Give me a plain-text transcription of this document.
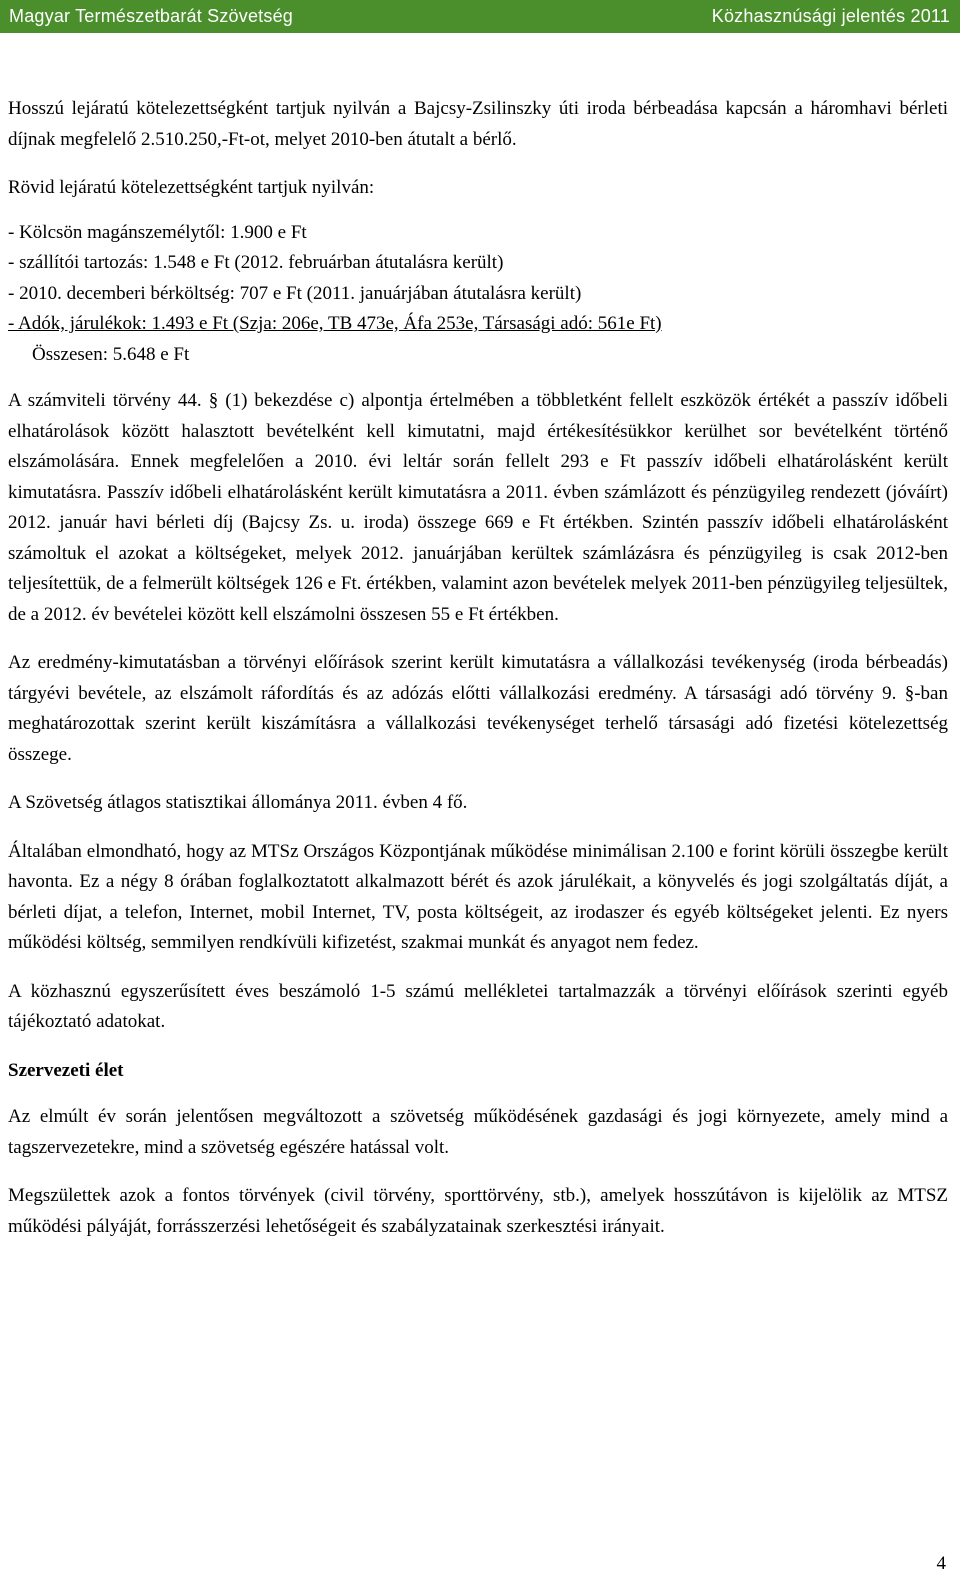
Magyar Természetbarát Szövetség	Közhasznúsági jelentés 2011

Hosszú lejáratú kötelezettségként tartjuk nyilván a Bajcsy-Zsilinszky úti iroda bérbeadása kapcsán a háromhavi bérleti díjnak megfelelő 2.510.250,-Ft-ot, melyet 2010-ben átutalt a bérlő.

Rövid lejáratú kötelezettségként tartjuk nyilván:

- Kölcsön magánszemélytől: 1.900 e Ft
- szállítói tartozás: 1.548 e Ft (2012. februárban átutalásra került)
- 2010. decemberi bérköltség: 707 e Ft (2011. januárjában átutalásra került)
- Adók, járulékok: 1.493 e Ft (Szja: 206e, TB 473e, Áfa 253e, Társasági adó: 561e Ft)
Összesen: 5.648 e Ft

A számviteli törvény 44. § (1) bekezdése c) alpontja értelmében a többletként fellelt eszközök értékét a passzív időbeli elhatárolások között halasztott bevételként kell kimutatni, majd értékesítésükkor kerülhet sor bevételként történő elszámolására. Ennek megfelelően a 2010. évi leltár során fellelt 293 e Ft passzív időbeli elhatárolásként került kimutatásra. Passzív időbeli elhatárolásként került kimutatásra a 2011. évben számlázott és pénzügyileg rendezett (jóváírt) 2012. január havi bérleti díj (Bajcsy Zs. u. iroda) összege 669 e Ft értékben. Szintén passzív időbeli elhatárolásként számoltuk el azokat a költségeket, melyek 2012. januárjában kerültek számlázásra és pénzügyileg is csak 2012-ben teljesítettük, de a felmerült költségek 126 e Ft. értékben, valamint azon bevételek melyek 2011-ben pénzügyileg teljesültek, de a 2012. év bevételei között kell elszámolni összesen 55 e Ft értékben.

Az eredmény-kimutatásban a törvényi előírások szerint került kimutatásra a vállalkozási tevékenység (iroda bérbeadás) tárgyévi bevétele, az elszámolt ráfordítás és az adózás előtti vállalkozási eredmény. A társasági adó törvény 9. §-ban meghatározottak szerint került kiszámításra a vállalkozási tevékenységet terhelő társasági adó fizetési kötelezettség összege.

A Szövetség átlagos statisztikai állománya 2011. évben 4 fő.

Általában elmondható, hogy az MTSz Országos Központjának működése minimálisan 2.100 e forint körüli összegbe került havonta. Ez a négy 8 órában foglalkoztatott alkalmazott bérét és azok járulékait, a könyvelés és jogi szolgáltatás díját, a bérleti díjat, a telefon, Internet, mobil Internet, TV, posta költségeit, az irodaszer és egyéb költségeket jelenti. Ez nyers működési költség, semmilyen rendkívüli kifizetést, szakmai munkát és anyagot nem fedez.

A közhasznú egyszerűsített éves beszámoló 1-5 számú mellékletei tartalmazzák a törvényi előírások szerinti egyéb tájékoztató adatokat.

Szervezeti élet

Az elmúlt év során jelentősen megváltozott a szövetség működésének gazdasági és jogi környezete, amely mind a tagszervezetekre, mind a szövetség egészére hatással volt.

Megszülettek azok a fontos törvények (civil törvény, sporttörvény, stb.), amelyek hosszútávon is kijelölik az MTSZ működési pályáját, forrásszerzési lehetőségeit és szabályzatainak szerkesztési irányait.

4
